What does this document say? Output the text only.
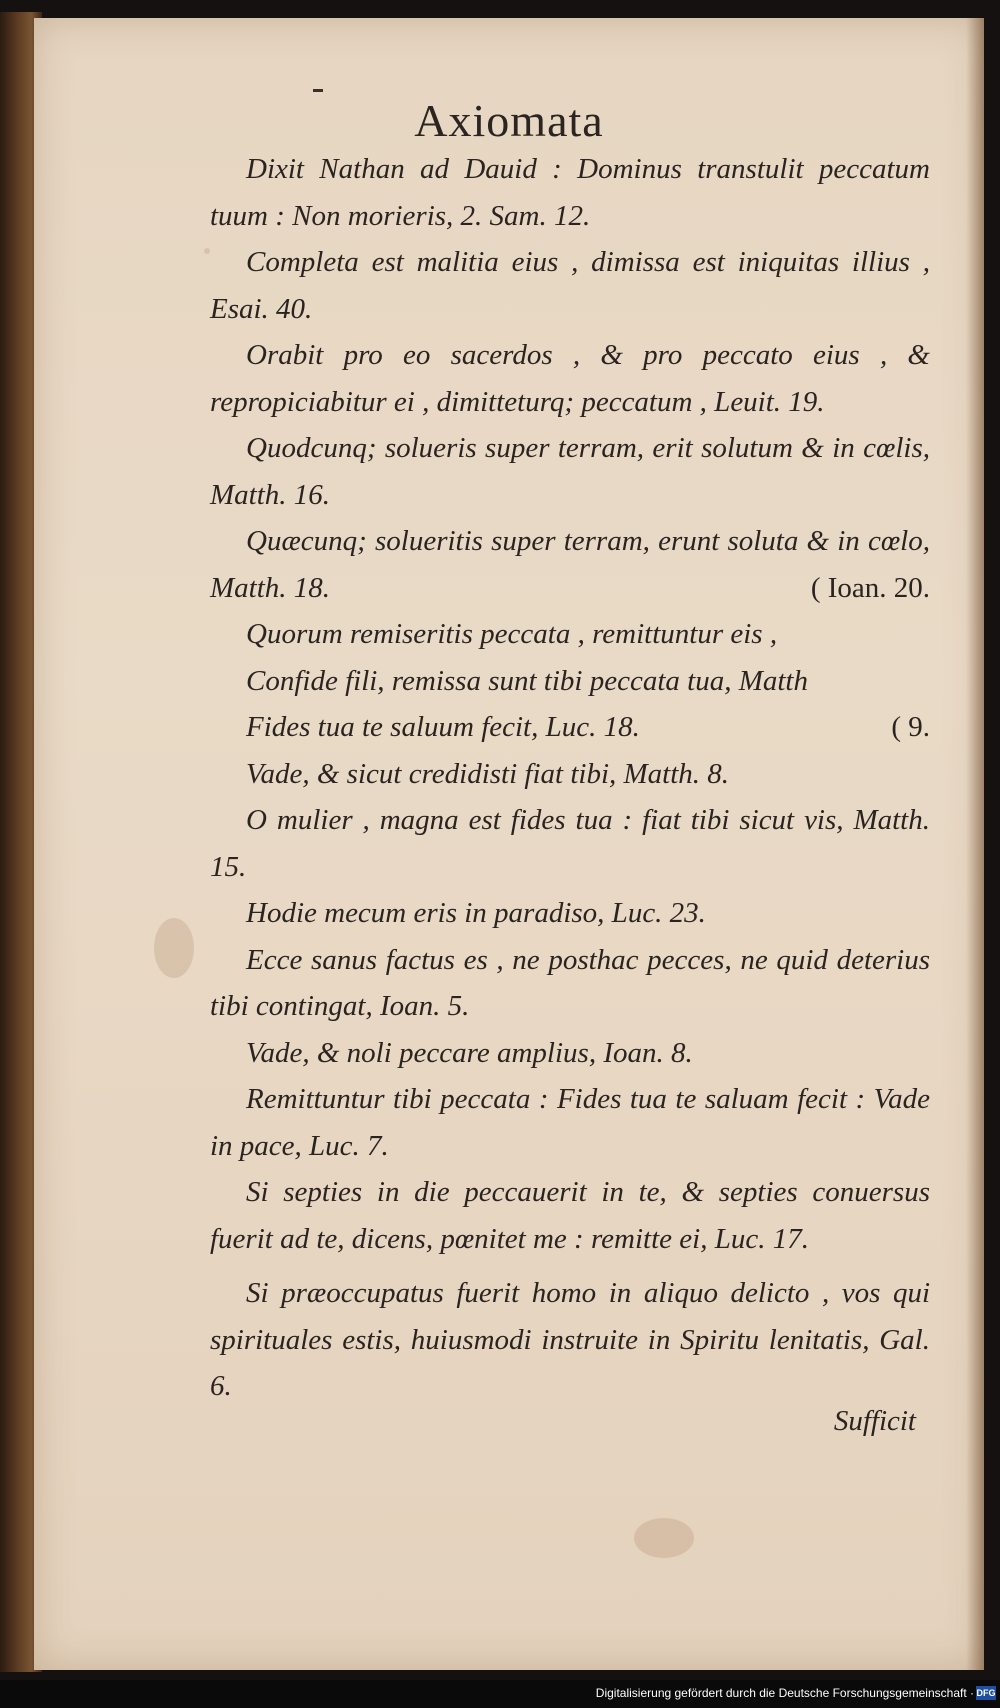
Axiomata

Dixit Nathan ad Dauid : Dominus transtulit peccatum tuum : Non morieris, 2. Sam. 12.

Completa est malitia eius , dimissa est iniquitas illius , Esai. 40.

Orabit pro eo sacerdos , & pro peccato eius , & repropiciabitur ei , dimitteturq; peccatum , Leuit. 19.

Quodcunq; solueris super terram, erit solutum & in cœlis, Matth. 16.

Quæcunq; solueritis super terram, erunt soluta & in cœlo, Matth. 18.	( Ioan. 20.

Quorum remiseritis peccata , remittuntur eis ,

Confide fili, remissa sunt tibi peccata tua, Matth

Fides tua te saluum fecit, Luc. 18.	( 9.

Vade, & sicut credidisti fiat tibi, Matth. 8.

O mulier , magna est fides tua : fiat tibi sicut vis, Matth. 15.

Hodie mecum eris in paradiso, Luc. 23.

Ecce sanus factus es , ne posthac pecces, ne quid deterius tibi contingat, Ioan. 5.

Vade, & noli peccare amplius, Ioan. 8.

Remittuntur tibi peccata : Fides tua te saluam fecit : Vade in pace, Luc. 7.

Si septies in die peccauerit in te, & septies conuersus fuerit ad te, dicens, pœnitet me : remitte ei, Luc. 17.

Si præoccupatus fuerit homo in aliquo delicto , vos qui spirituales estis, huiusmodi instruite in Spiritu lenitatis, Gal. 6.

Sufficit
Digitalisierung gefördert durch die Deutsche Forschungsgemeinschaft · DFG
